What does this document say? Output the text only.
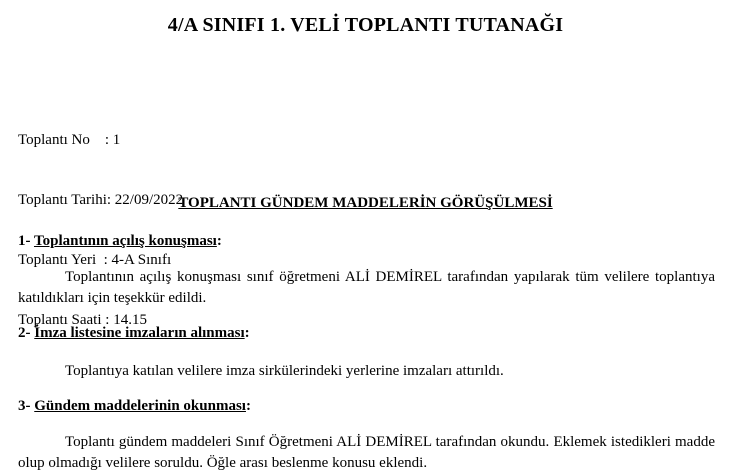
4/A SINIFI 1. VELİ TOPLANTI TUTANAĞI

Toplantı No    : 1

Toplantı Tarihi: 22/09/2022

Toplantı Yeri  : 4-A Sınıfı

Toplantı Saati : 14.15

TOPLANTI GÜNDEM MADDELERİN GÖRÜŞÜLMESİ
1- Toplantının açılış konuşması:
Toplantının açılış konuşması sınıf öğretmeni ALİ DEMİREL tarafından yapılarak tüm velilere toplantıya katıldıkları için teşekkür edildi.
2- İmza listesine imzaların alınması:
Toplantıya katılan velilere imza sirkülerindeki yerlerine imzaları attırıldı.
3- Gündem maddelerinin okunması:
Toplantı gündem maddeleri Sınıf Öğretmeni ALİ DEMİREL tarafından okundu. Eklemek istedikleri madde olup olmadığı velilere soruldu. Öğle arası beslenme konusu eklendi.
